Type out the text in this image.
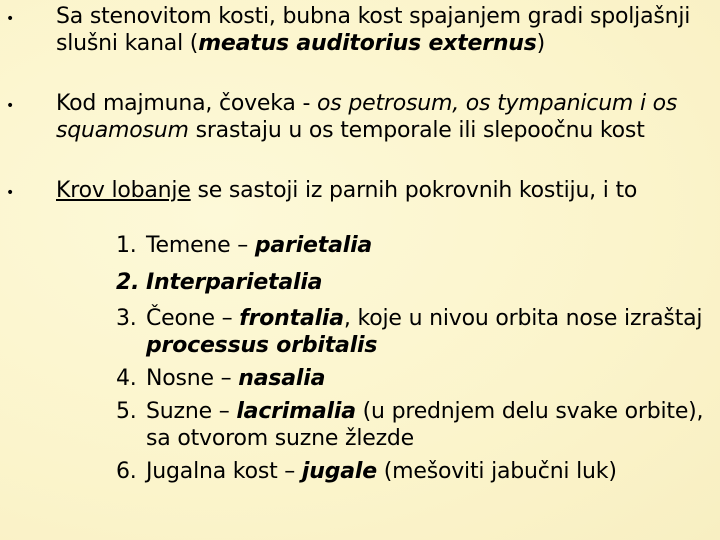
• Sa stenovitom kosti, bubna kost spajanjem gradi spoljašnji slušni kanal (meatus auditorius externus)
• Kod majmuna, čoveka - os petrosum, os tympanicum i os squamosum srastaju u os temporale ili slepoočnu kost
• Krov lobanje se sastoji iz parnih pokrovnih kostiju, i to
1. Temene – parietalia
2. Interparietalia
3. Čeone – frontalia, koje u nivou orbita nose izraštaj processus orbitalis
4. Nosne – nasalia
5. Suzne – lacrimalia (u prednjem delu svake orbite), sa otvorom suzne žlezde
6. Jugalna kost – jugale (mešoviti jabučni luk)
